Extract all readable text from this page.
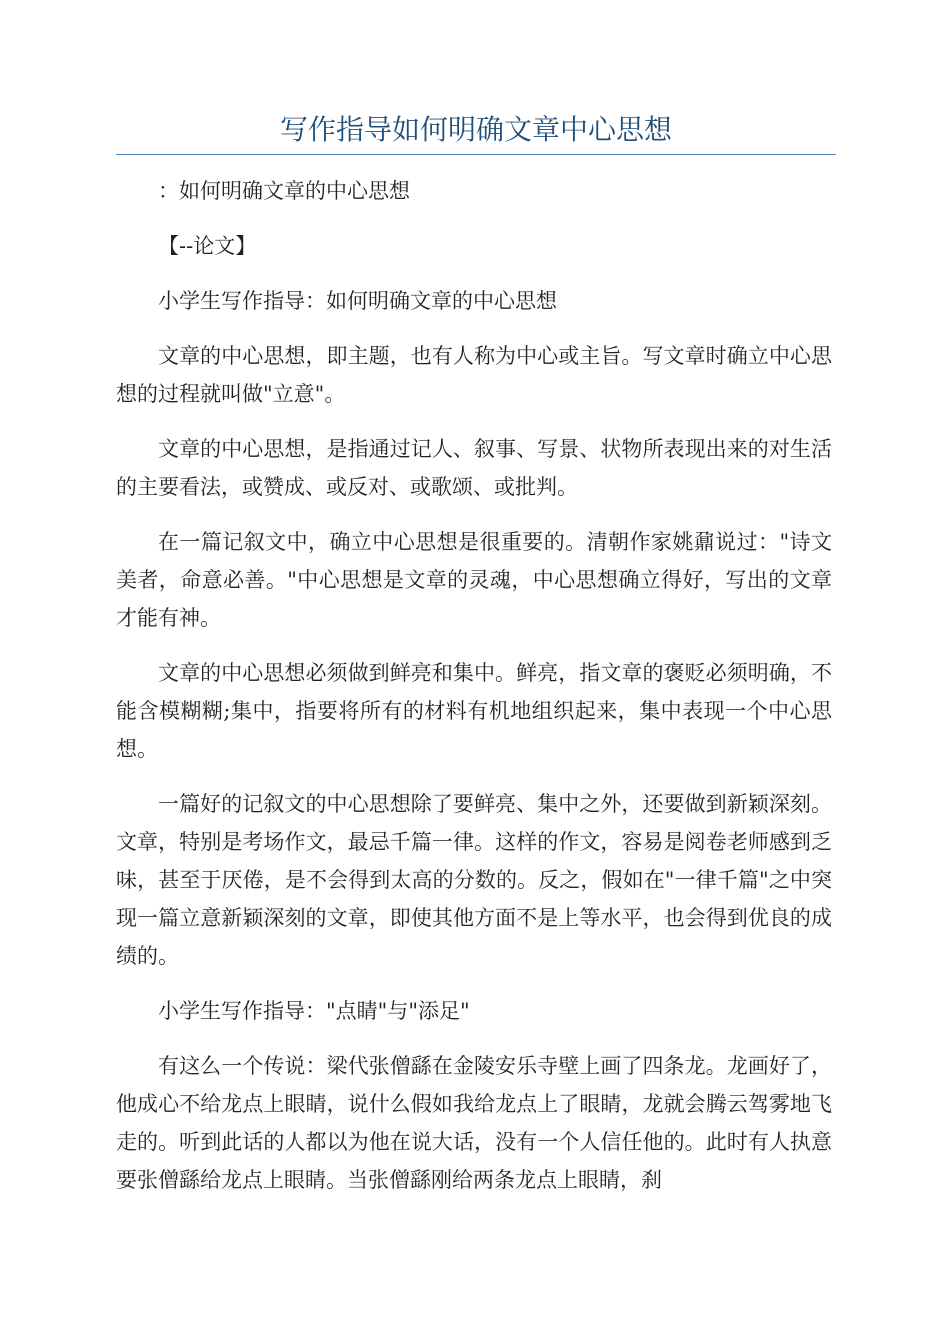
写作指导如何明确文章中心思想

：如何明确文章的中心思想

【--论文】

小学生写作指导：如何明确文章的中心思想

文章的中心思想，即主题，也有人称为中心或主旨。写文章时确立中心思想的过程就叫做"立意"。

文章的中心思想，是指通过记人、叙事、写景、状物所表现出来的对生活的主要看法，或赞成、或反对、或歌颂、或批判。

在一篇记叙文中，确立中心思想是很重要的。清朝作家姚鼐说过："诗文美者，命意必善。"中心思想是文章的灵魂，中心思想确立得好，写出的文章才能有神。

文章的中心思想必须做到鲜亮和集中。鲜亮，指文章的褒贬必须明确，不能含模糊糊;集中，指要将所有的材料有机地组织起来，集中表现一个中心思想。

一篇好的记叙文的中心思想除了要鲜亮、集中之外，还要做到新颖深刻。文章，特别是考场作文，最忌千篇一律。这样的作文，容易是阅卷老师感到乏味，甚至于厌倦，是不会得到太高的分数的。反之，假如在"一律千篇"之中突现一篇立意新颖深刻的文章，即使其他方面不是上等水平，也会得到优良的成绩的。

小学生写作指导："点睛"与"添足"

有这么一个传说：梁代张僧繇在金陵安乐寺壁上画了四条龙。龙画好了，他成心不给龙点上眼睛，说什么假如我给龙点上了眼睛，龙就会腾云驾雾地飞走的。听到此话的人都以为他在说大话，没有一个人信任他的。此时有人执意要张僧繇给龙点上眼睛。当张僧繇刚给两条龙点上眼睛，刹
